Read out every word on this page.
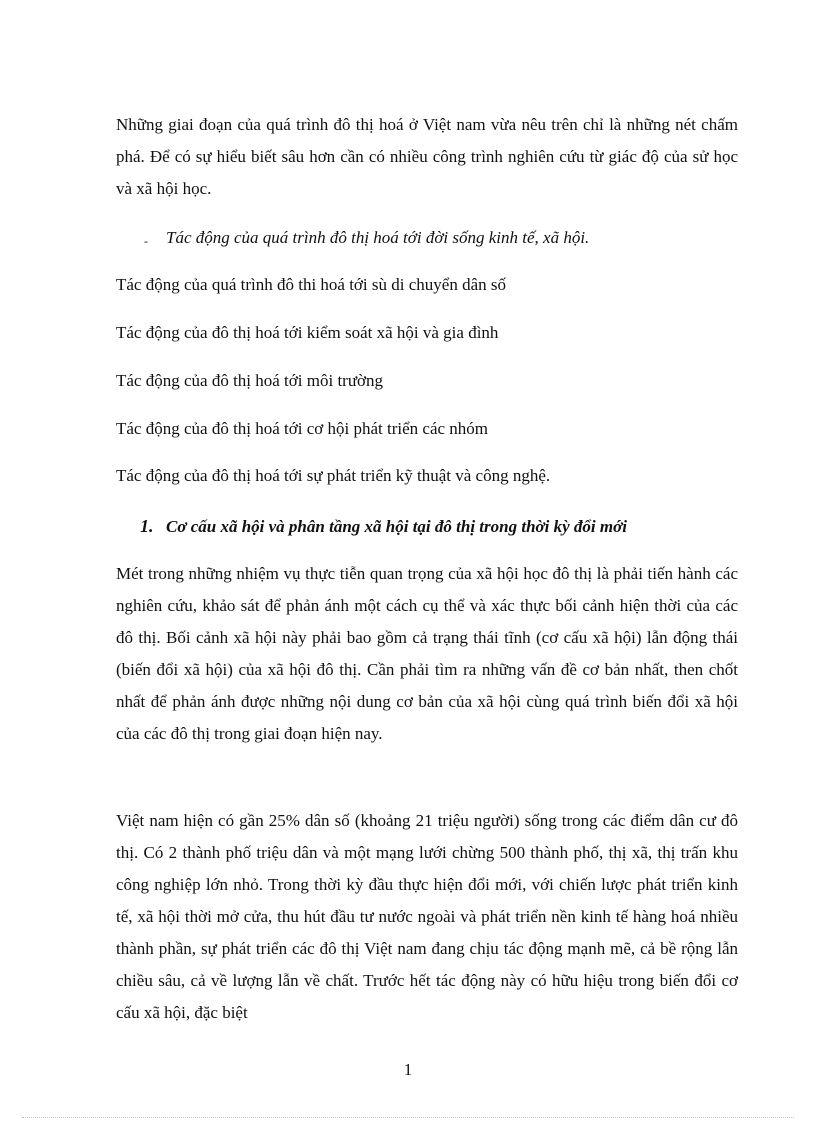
Những giai đoạn của quá trình đô thị hoá ở Việt nam vừa nêu trên chỉ là những nét chấm phá. Để có sự hiểu biết sâu hơn cần có nhiều công trình nghiên cứu từ giác độ của sử học và xã hội học.

- Tác động của quá trình đô thị hoá tới đời sống kinh tế, xã hội.

Tác động của quá trình đô thi hoá tới sù di chuyển dân số

Tác động của đô thị hoá tới kiểm soát xã hội và gia đình

Tác động của đô thị hoá tới môi trường

Tác động của đô thị hoá tới cơ hội phát triển các nhóm

Tác động của đô thị hoá tới sự phát triển kỹ thuật và công nghệ.

1. Cơ cấu xã hội và phân tầng xã hội tại đô thị trong thời kỳ đổi mới

Mét trong những nhiệm vụ thực tiễn quan trọng của xã hội học đô thị là phải tiến hành các nghiên cứu, khảo sát để phản ánh một cách cụ thể và xác thực bối cảnh hiện thời của các đô thị. Bối cảnh xã hội này phải bao gồm cả trạng thái tĩnh (cơ cấu xã hội) lẫn động thái (biến đổi xã hội) của xã hội đô thị. Cần phải tìm ra những vấn đề cơ bản nhất, then chốt nhất để phản ánh được những nội dung cơ bản của xã hội cùng quá trình biến đổi xã hội của các đô thị trong giai đoạn hiện nay.

Việt nam hiện có gần 25% dân số (khoảng 21 triệu người) sống trong các điểm dân cư đô thị. Có 2 thành phố triệu dân và một mạng lưới chừng 500 thành phố, thị xã, thị trấn khu công nghiệp lớn nhỏ. Trong thời kỳ đầu thực hiện đổi mới, với chiến lược phát triển kinh tế, xã hội thời mở cửa, thu hút đầu tư nước ngoài và phát triển nền kinh tế hàng hoá nhiều thành phần, sự phát triển các đô thị Việt nam đang chịu tác động mạnh mẽ, cả bề rộng lẫn chiều sâu, cả về lượng lẫn về chất. Trước hết tác động này có hữu hiệu trong biến đổi cơ cấu xã hội, đặc biệt

1
